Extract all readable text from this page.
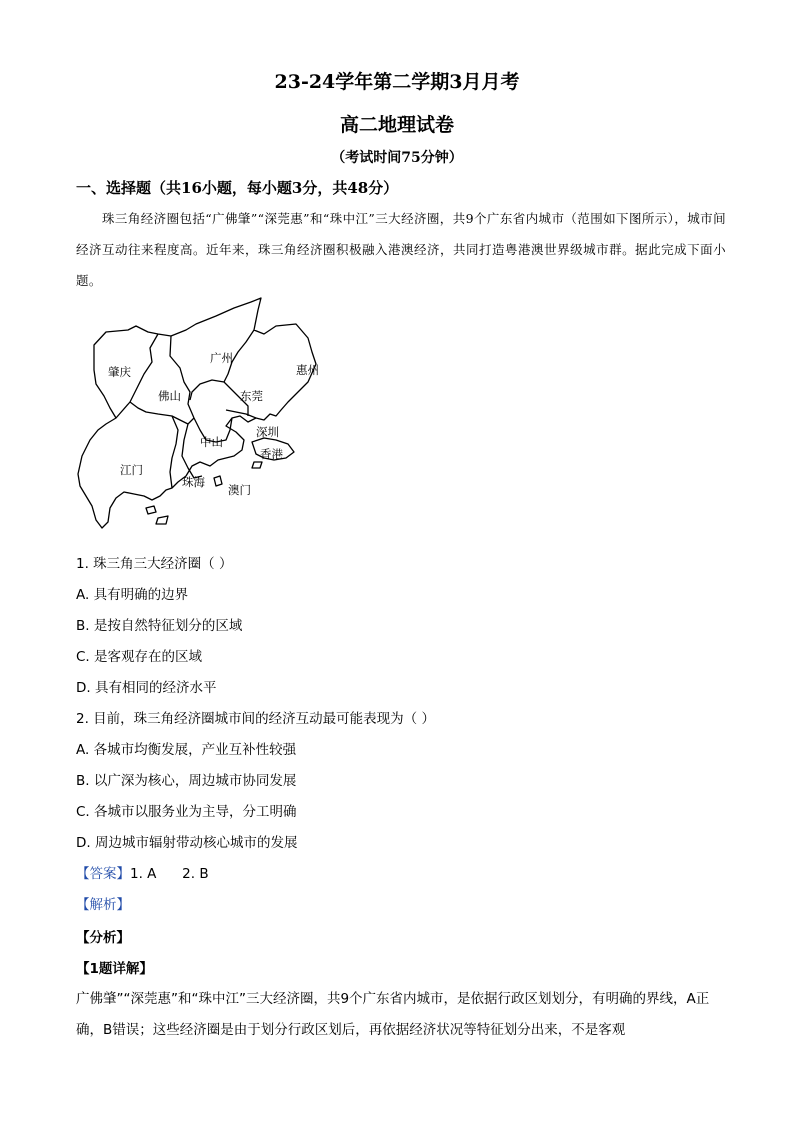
23-24学年第二学期3月月考
高二地理试卷
（考试时间75分钟）
一、选择题（共16小题，每小题3分，共48分）
珠三角经济圈包括“广佛肇”“深莞惠”和“珠中江”三大经济圈，共9个广东省内城市（范围如下图所示），城市间经济互动往来程度高。近年来，珠三角经济圈积极融入港澳经济，共同打造粤港澳世界级城市群。据此完成下面小题。
肇庆
佛山
广州
惠州
东莞
深圳
中山
香港
江门
珠海
澳门
1. 珠三角三大经济圈（ ）
A. 具有明确的边界
B. 是按自然特征划分的区域
C. 是客观存在的区域
D. 具有相同的经济水平
2. 目前，珠三角经济圈城市间的经济互动最可能表现为（ ）
A. 各城市均衡发展，产业互补性较强
B. 以广深为核心，周边城市协同发展
C. 各城市以服务业为主导，分工明确
D. 周边城市辐射带动核心城市的发展
【答案】1. A      2. B
【解析】
【分析】
【1题详解】
广佛肇”“深莞惠”和“珠中江”三大经济圈，共9个广东省内城市，是依据行政区划划分，有明确的界线，A正确，B错误；这些经济圈是由于划分行政区划后，再依据经济状况等特征划分出来，不是客观
